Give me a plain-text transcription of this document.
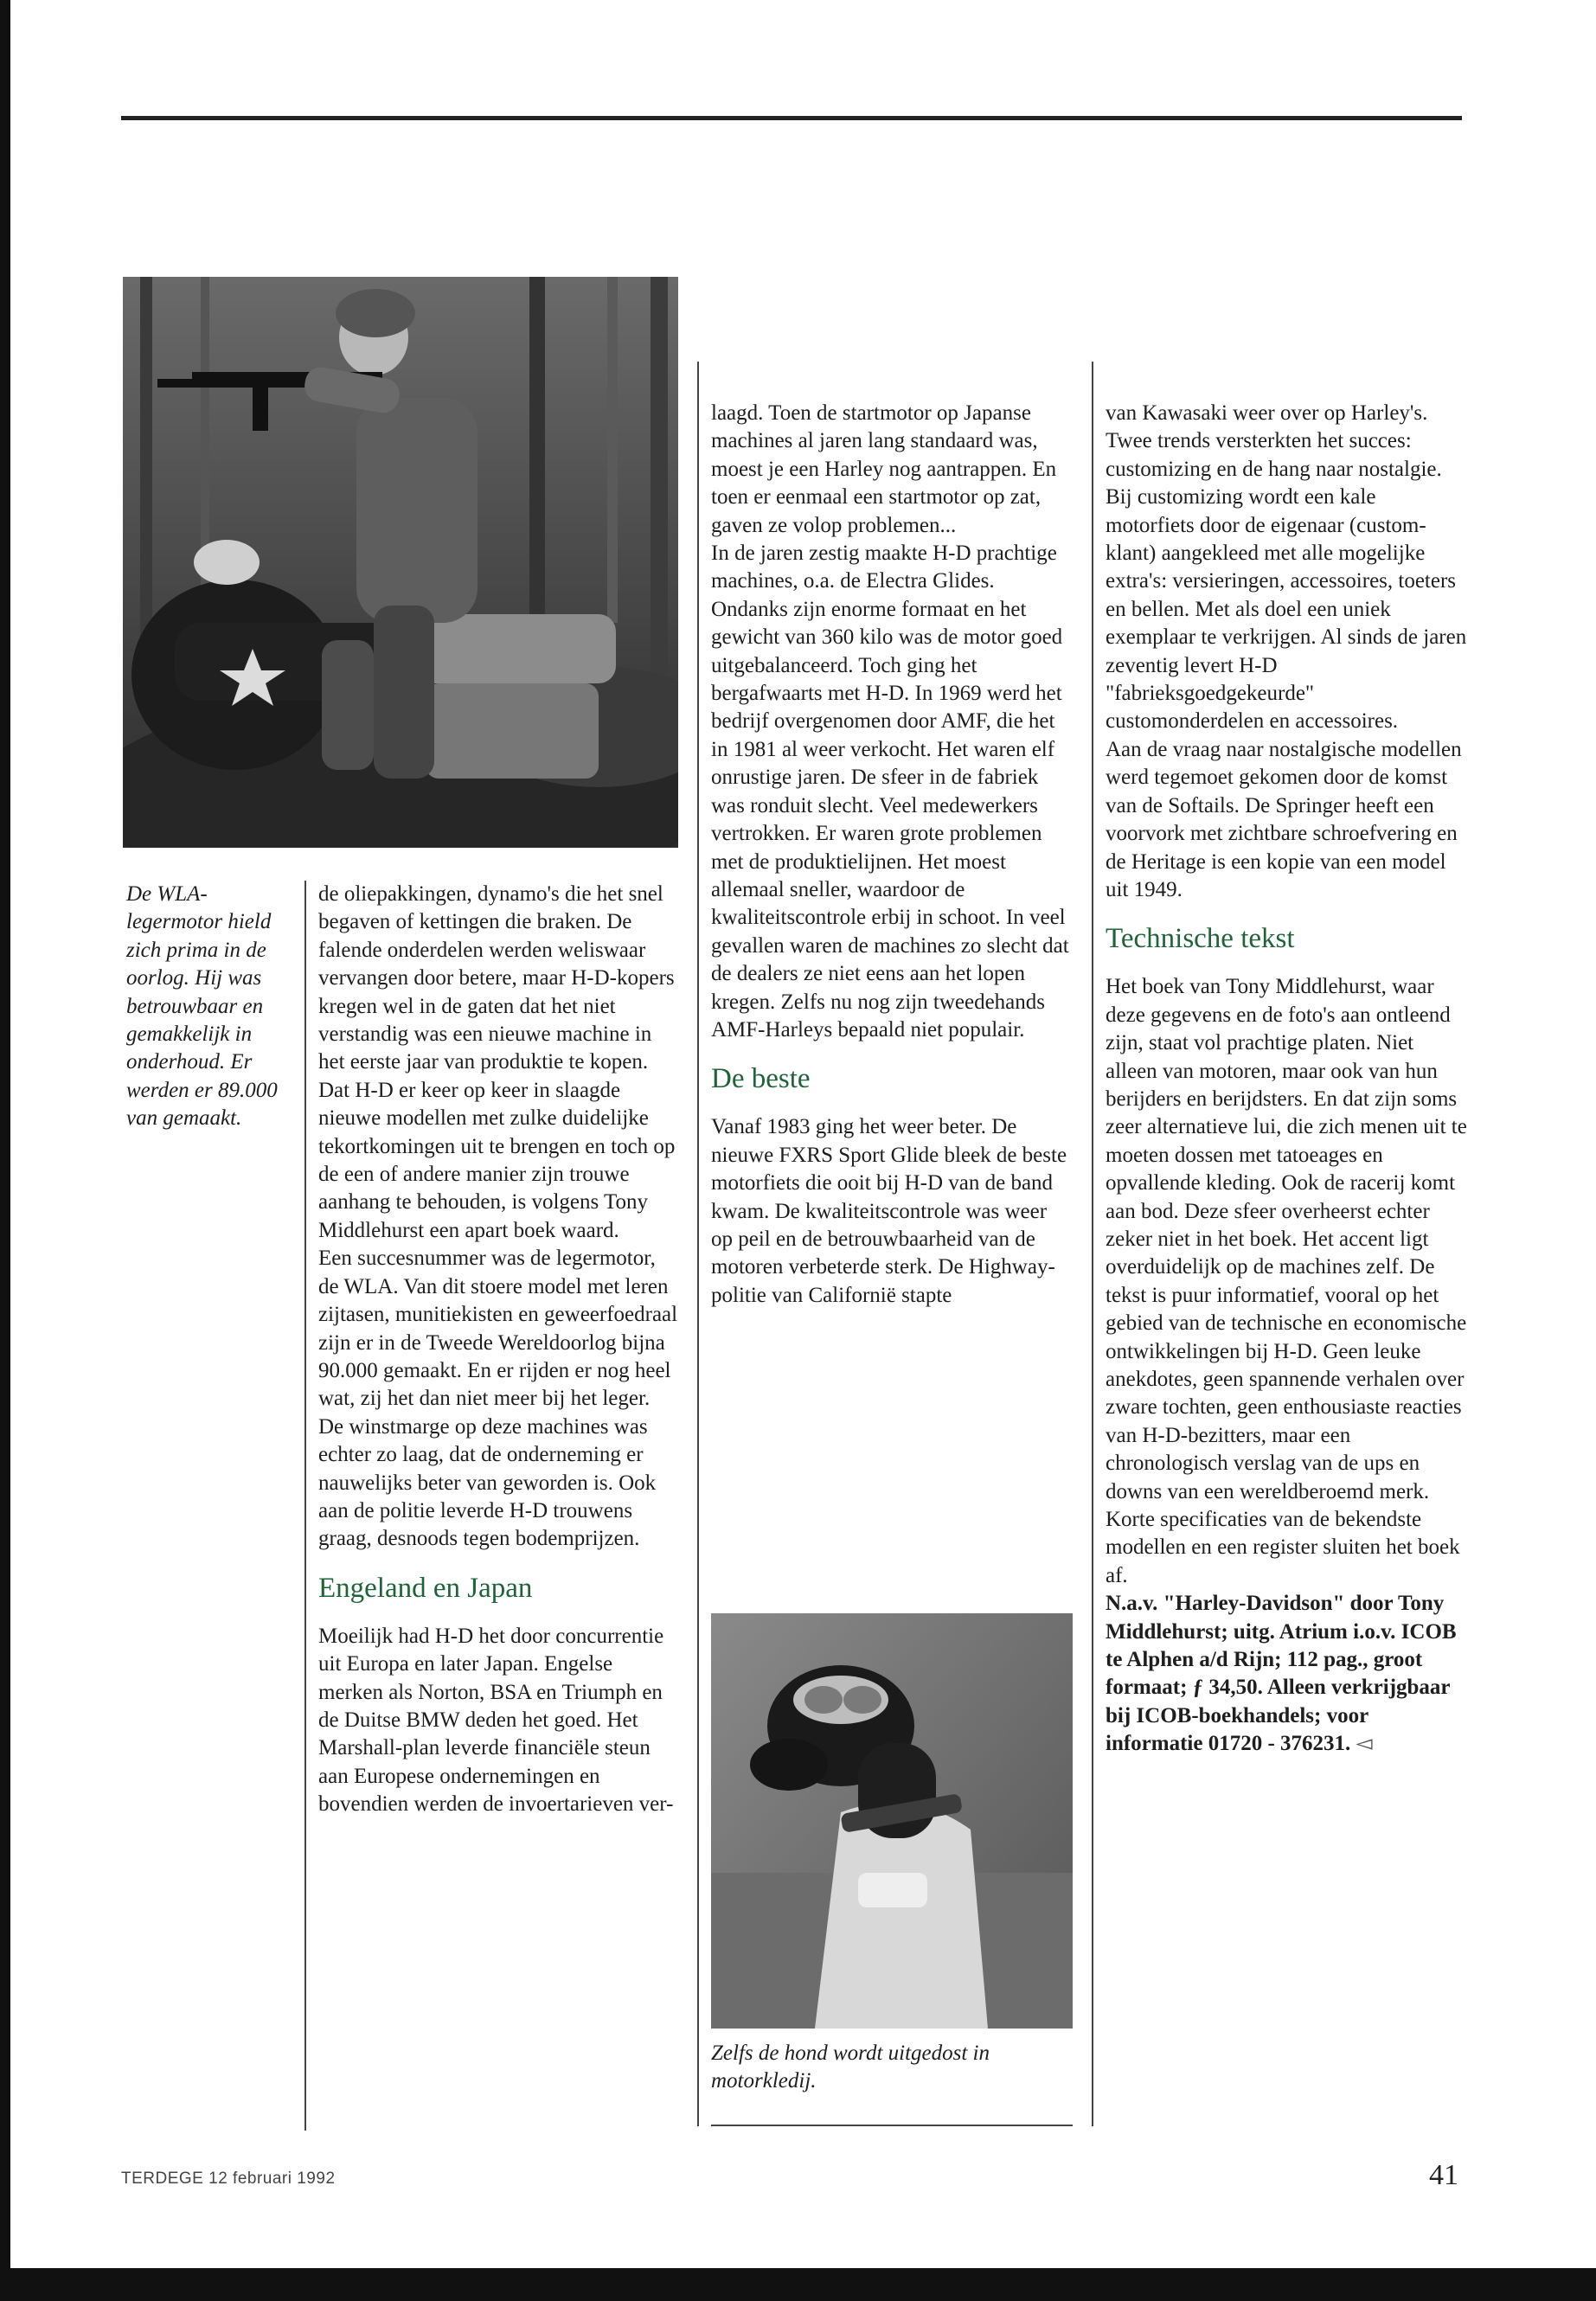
De WLA-legermotor hield zich prima in de oorlog. Hij was betrouwbaar en gemakkelijk in onderhoud. Er werden er 89.000 van gemaakt.

de oliepakkingen, dynamo's die het snel begaven of kettingen die braken. De falende onderdelen werden weliswaar vervangen door betere, maar H-D-kopers kregen wel in de gaten dat het niet verstandig was een nieuwe machine in het eerste jaar van produktie te kopen. Dat H-D er keer op keer in slaagde nieuwe modellen met zulke duidelijke tekortkomingen uit te brengen en toch op de een of andere manier zijn trouwe aanhang te behouden, is volgens Tony Middlehurst een apart boek waard.

Een succesnummer was de legermotor, de WLA. Van dit stoere model met leren zijtasen, munitiekisten en geweerfoedraal zijn er in de Tweede Wereldoorlog bijna 90.000 gemaakt. En er rijden er nog heel wat, zij het dan niet meer bij het leger. De winstmarge op deze machines was echter zo laag, dat de onderneming er nauwelijks beter van geworden is. Ook aan de politie leverde H-D trouwens graag, desnoods tegen bodemprijzen.

Engeland en Japan

Moeilijk had H-D het door concurrentie uit Europa en later Japan. Engelse merken als Norton, BSA en Triumph en de Duitse BMW deden het goed. Het Marshall-plan leverde financiële steun aan Europese ondernemingen en bovendien werden de invoertarieven ver-

laagd. Toen de startmotor op Japanse machines al jaren lang standaard was, moest je een Harley nog aantrappen. En toen er eenmaal een startmotor op zat, gaven ze volop problemen...

In de jaren zestig maakte H-D prachtige machines, o.a. de Electra Glides. Ondanks zijn enorme formaat en het gewicht van 360 kilo was de motor goed uitgebalanceerd. Toch ging het bergafwaarts met H-D. In 1969 werd het bedrijf overgenomen door AMF, die het in 1981 al weer verkocht. Het waren elf onrustige jaren. De sfeer in de fabriek was ronduit slecht. Veel medewerkers vertrokken. Er waren grote problemen met de produktielijnen. Het moest allemaal sneller, waardoor de kwaliteitscontrole erbij in schoot. In veel gevallen waren de machines zo slecht dat de dealers ze niet eens aan het lopen kregen. Zelfs nu nog zijn tweedehands AMF-Harleys bepaald niet populair.

De beste

Vanaf 1983 ging het weer beter. De nieuwe FXRS Sport Glide bleek de beste motorfiets die ooit bij H-D van de band kwam. De kwaliteitscontrole was weer op peil en de betrouwbaarheid van de motoren verbeterde sterk. De Highway-politie van Californië stapte

Zelfs de hond wordt uitgedost in motorkledij.

van Kawasaki weer over op Harley's.

Twee trends versterkten het succes: customizing en de hang naar nostalgie. Bij customizing wordt een kale motorfiets door de eigenaar (custom-klant) aangekleed met alle mogelijke extra's: versieringen, accessoires, toeters en bellen. Met als doel een uniek exemplaar te verkrijgen. Al sinds de jaren zeventig levert H-D "fabrieksgoedgekeurde" customonderdelen en accessoires.

Aan de vraag naar nostalgische modellen werd tegemoet gekomen door de komst van de Softails. De Springer heeft een voorvork met zichtbare schroefvering en de Heritage is een kopie van een model uit 1949.

Technische tekst

Het boek van Tony Middlehurst, waar deze gegevens en de foto's aan ontleend zijn, staat vol prachtige platen. Niet alleen van motoren, maar ook van hun berijders en berijdsters. En dat zijn soms zeer alternatieve lui, die zich menen uit te moeten dossen met tatoeages en opvallende kleding. Ook de racerij komt aan bod. Deze sfeer overheerst echter zeker niet in het boek. Het accent ligt overduidelijk op de machines zelf. De tekst is puur informatief, vooral op het gebied van de technische en economische ontwikkelingen bij H-D. Geen leuke anekdotes, geen spannende verhalen over zware tochten, geen enthousiaste reacties van H-D-bezitters, maar een chronologisch verslag van de ups en downs van een wereldberoemd merk. Korte specificaties van de bekendste modellen en een register sluiten het boek af.

N.a.v. "Harley-Davidson" door Tony Middlehurst; uitg. Atrium i.o.v. ICOB te Alphen a/d Rijn; 112 pag., groot formaat; ƒ 34,50. Alleen verkrijgbaar bij ICOB-boekhandels; voor informatie 01720 - 376231. ◅

TERDEGE 12 februari 1992	41
